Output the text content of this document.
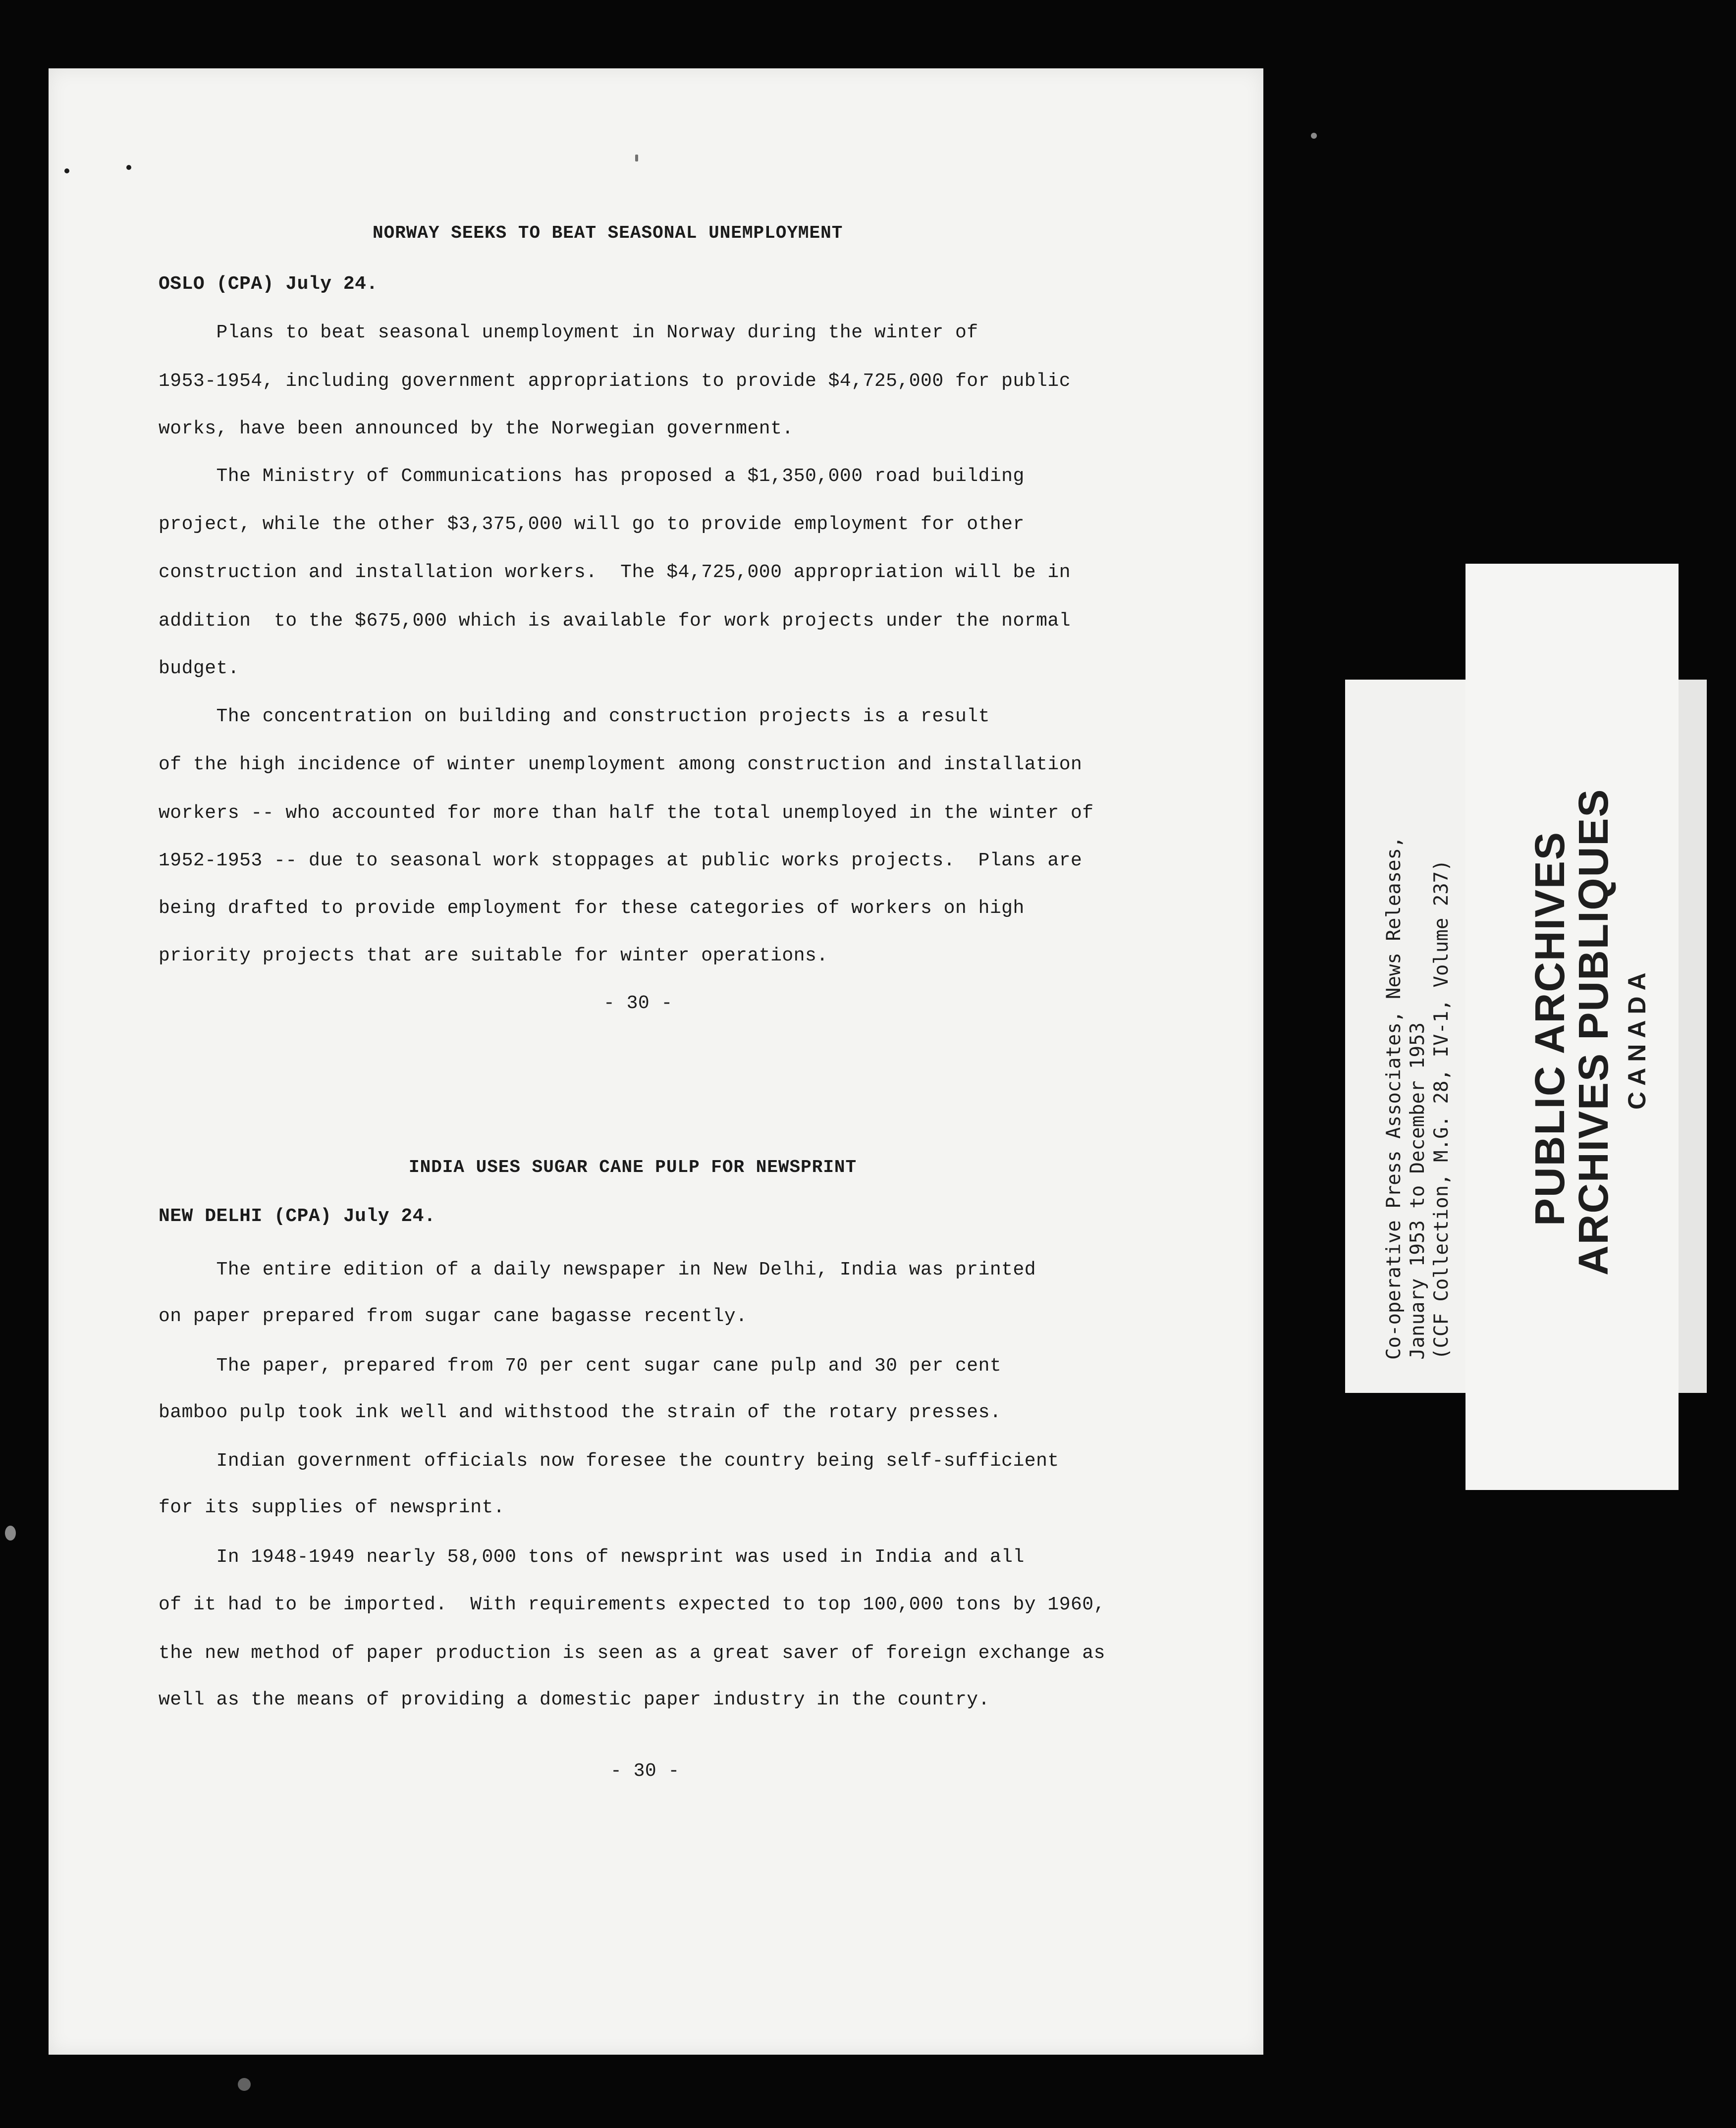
NORWAY SEEKS TO BEAT SEASONAL UNEMPLOYMENT
OSLO (CPA) July 24.
Plans to beat seasonal unemployment in Norway during the winter of
1953-1954, including government appropriations to provide $4,725,000 for public
works, have been announced by the Norwegian government.
The Ministry of Communications has proposed a $1,350,000 road building
project, while the other $3,375,000 will go to provide employment for other
construction and installation workers.  The $4,725,000 appropriation will be in
addition  to the $675,000 which is available for work projects under the normal
budget.
The concentration on building and construction projects is a result
of the high incidence of winter unemployment among construction and installation
workers -- who accounted for more than half the total unemployed in the winter of
1952-1953 -- due to seasonal work stoppages at public works projects.  Plans are
being drafted to provide employment for these categories of workers on high
priority projects that are suitable for winter operations.
- 30 -
INDIA USES SUGAR CANE PULP FOR NEWSPRINT
NEW DELHI (CPA) July 24.
The entire edition of a daily newspaper in New Delhi, India was printed
on paper prepared from sugar cane bagasse recently.
The paper, prepared from 70 per cent sugar cane pulp and 30 per cent
bamboo pulp took ink well and withstood the strain of the rotary presses.
Indian government officials now foresee the country being self-sufficient
for its supplies of newsprint.
In 1948-1949 nearly 58,000 tons of newsprint was used in India and all
of it had to be imported.  With requirements expected to top 100,000 tons by 1960,
the new method of paper production is seen as a great saver of foreign exchange as
well as the means of providing a domestic paper industry in the country.
- 30 -
Co-operative Press Associates, News Releases, January 1953 to December 1953 (CCF Collection, M.G. 28, IV-1, Volume 237) PUBLIC ARCHIVES
ARCHIVES PUBLIQUES CANADA
